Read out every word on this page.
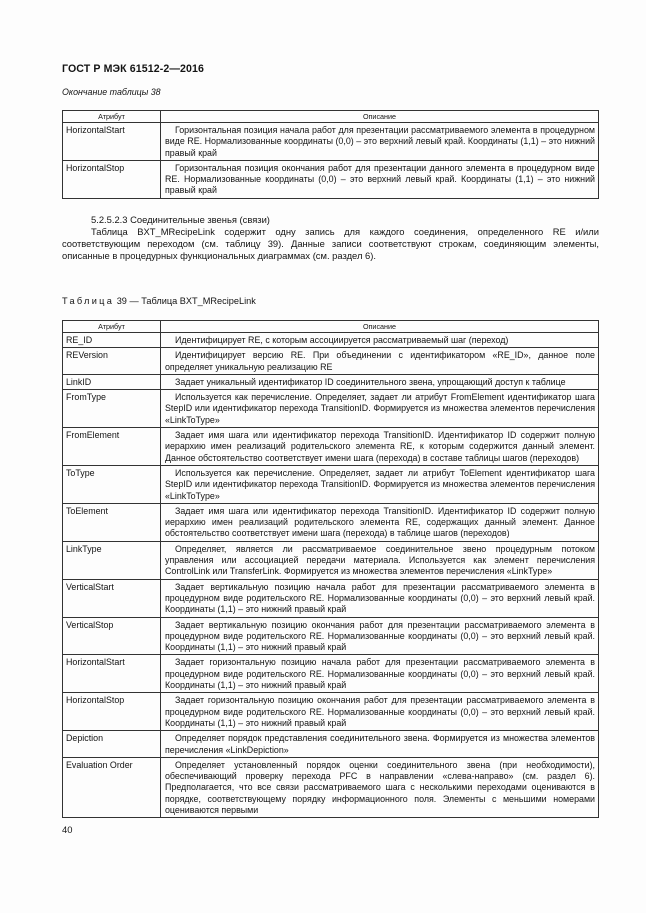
ГОСТ Р МЭК 61512-2—2016
Окончание таблицы 38
Атрибут	Описание
HorizontalStart	Горизонтальная позиция начала работ для презентации рассматриваемого элемента в процедурном виде RE. Нормализованные координаты (0,0) – это верхний левый край. Координаты (1,1) – это нижний правый край
HorizontalStop	Горизонтальная позиция окончания работ для презентации данного элемента в процедурном виде RE. Нормализованные координаты (0,0) – это верхний левый край. Координаты (1,1) – это нижний правый край
5.2.5.2.3 Соединительные звенья (связи)
Таблица BXT_MRecipeLink содержит одну запись для каждого соединения, определенного RE и/или соответствующим переходом (см. таблицу 39). Данные записи соответствуют строкам, соединяющим элементы, описанные в процедурных функциональных диаграммах (см. раздел 6).
Таблица 39 — Таблица BXT_MRecipeLink
Атрибут	Описание
RE_ID	Идентифицирует RE, с которым ассоциируется рассматриваемый шаг (переход)
REVersion	Идентифицирует версию RE. При объединении с идентификатором «RE_ID», данное поле определяет уникальную реализацию RE
LinkID	Задает уникальный идентификатор ID соединительного звена, упрощающий доступ к таблице
FromType	Используется как перечисление. Определяет, задает ли атрибут FromElement идентификатор шага StepID или идентификатор перехода TransitionID. Формируется из множества элементов перечисления «LinkToType»
FromElement	Задает имя шага или идентификатор перехода TransitionID. Идентификатор ID содержит полную иерархию имен реализаций родительского элемента RE, к которым содержится данный элемент. Данное обстоятельство соответствует имени шага (перехода) в составе таблицы шагов (переходов)
ToType	Используется как перечисление. Определяет, задает ли атрибут ToElement идентификатор шага StepID или идентификатор перехода TransitionID. Формируется из множества элементов перечисления «LinkToType»
ToElement	Задает имя шага или идентификатор перехода TransitionID. Идентификатор ID содержит полную иерархию имен реализаций родительского элемента RE, содержащих данный элемент. Данное обстоятельство соответствует имени шага (перехода) в таблице шагов (переходов)
LinkType	Определяет, является ли рассматриваемое соединительное звено процедурным потоком управления или ассоциацией передачи материала. Используется как элемент перечисления ControlLink или TransferLink. Формируется из множества элементов перечисления «LinkType»
VerticalStart	Задает вертикальную позицию начала работ для презентации рассматриваемого элемента в процедурном виде родительского RE. Нормализованные координаты (0,0) – это верхний левый край. Координаты (1,1) – это нижний правый край
VerticalStop	Задает вертикальную позицию окончания работ для презентации рассматриваемого элемента в процедурном виде родительского RE. Нормализованные координаты (0,0) – это верхний левый край. Координаты (1,1) – это нижний правый край
HorizontalStart	Задает горизонтальную позицию начала работ для презентации рассматриваемого элемента в процедурном виде родительского RE. Нормализованные координаты (0,0) – это верхний левый край. Координаты (1,1) – это нижний правый край
HorizontalStop	Задает горизонтальную позицию окончания работ для презентации рассматриваемого элемента в процедурном виде родительского RE. Нормализованные координаты (0,0) – это верхний левый край. Координаты (1,1) – это нижний правый край
Depiction	Определяет порядок представления соединительного звена. Формируется из множества элементов перечисления «LinkDepiction»
Evaluation Order	Определяет установленный порядок оценки соединительного звена (при необходимости), обеспечивающий проверку перехода PFC в направлении «слева-направо» (см. раздел 6). Предполагается, что все связи рассматриваемого шага с несколькими переходами оцениваются в порядке, соответствующему порядку информационного поля. Элементы с меньшими номерами оцениваются первыми
40
